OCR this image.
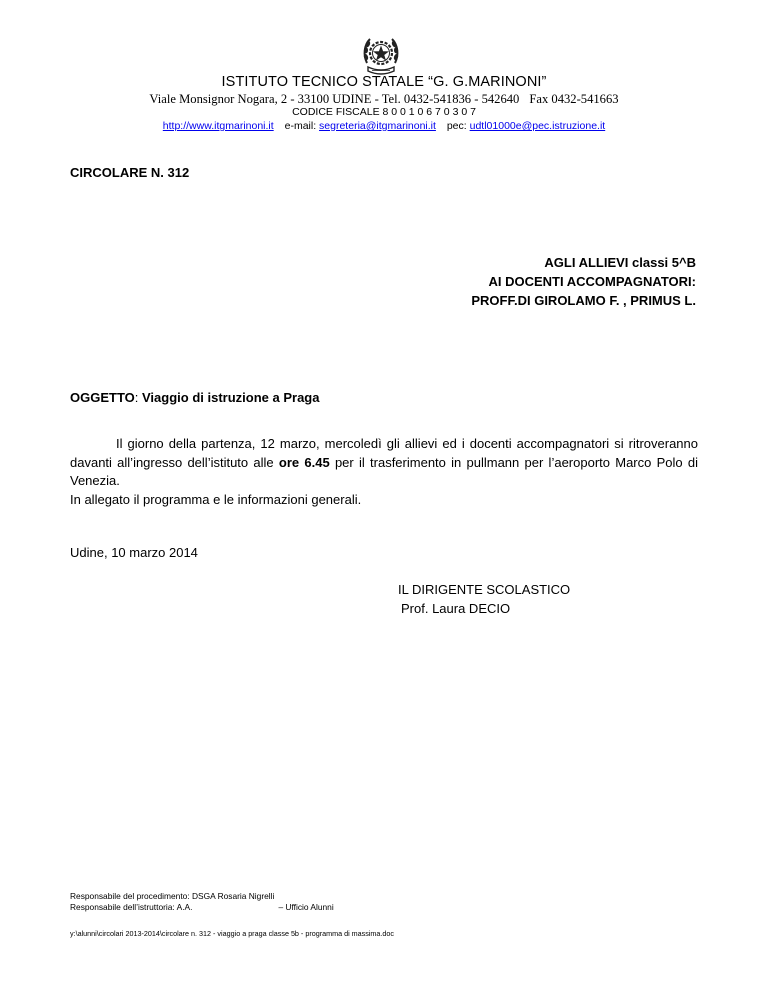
ISTITUTO TECNICO STATALE “G. G.MARINONI”
Viale Monsignor Nogara, 2 - 33100 UDINE - Tel. 0432-541836 - 542640 Fax 0432-541663
CODICE FISCALE 8 0 0 1 0 6 7 0 3 0 7
http://www.itgmarinoni.it e-mail: segreteria@itgmarinoni.it pec: udtl01000e@pec.istruzione.it
CIRCOLARE N. 312
AGLI ALLIEVI classi 5^B
AI DOCENTI ACCOMPAGNATORI:
PROFF.DI GIROLAMO F. , PRIMUS L.
OGGETTO: Viaggio di istruzione a Praga
Il giorno della partenza, 12 marzo, mercoledì gli allievi ed i docenti accompagnatori si ritroveranno davanti all’ingresso dell’istituto alle ore 6.45 per il trasferimento in pullmann per l’aeroporto Marco Polo di Venezia.
In allegato il programma e le informazioni generali.
Udine, 10 marzo 2014
IL DIRIGENTE SCOLASTICO
Prof. Laura DECIO
Responsabile del procedimento: DSGA Rosaria Nigrelli
Responsabile dell’istruttoria: A.A.	– Ufficio Alunni
y:\alunni\circolari 2013-2014\circolare n. 312 - viaggio a praga classe 5b - programma di massima.doc
